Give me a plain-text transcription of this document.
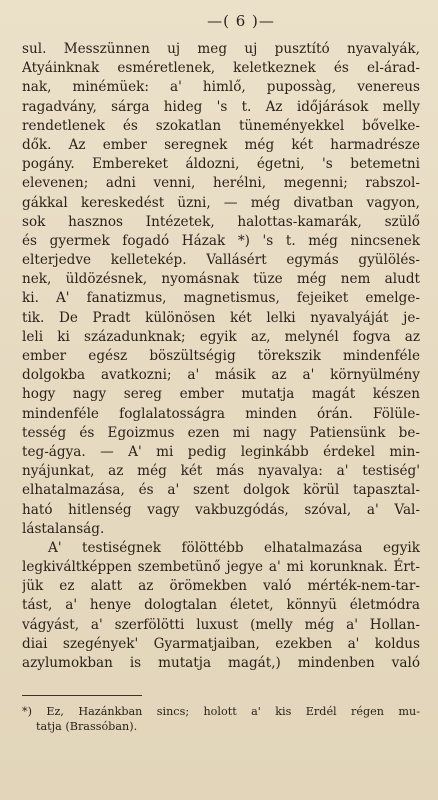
—( 6 )—
sul. Messzünnen uj meg uj pusztító nyavalyák,
Atyáinknak esméretlenek, keletkeznek és el-árad-
nak, minémüek: a' himlő, pupossàg, venereus
ragadvány, sárga hideg 's t. Az időjárások melly
rendetlenek és szokatlan tüneményekkel bővelke-
dők. Az ember seregnek még két harmadrésze
pogány. Embereket áldozni, égetni, 's betemetni
elevenen; adni venni, herélni, megenni; rabszol-
gákkal kereskedést üzni, — még divatban vagyon,
sok hasznos Intézetek, halottas-kamarák, szülő
és gyermek fogadó Házak *) 's t. még nincsenek
elterjedve kelletekép. Vallásért egymás gyülölés-
nek, üldözésnek, nyomásnak tüze még nem aludt
ki. A' fanatizmus, magnetismus, fejeiket emelge-
tik. De Pradt különösen két lelki nyavalyáját je-
leli ki századunknak; egyik az, melynél fogva az
ember egész böszültségig törekszik mindenféle
dolgokba avatkozni; a' másik az a' környülmény
hogy nagy sereg ember mutatja magát készen
mindenféle foglalatosságra minden órán. Fölüle-
tesség és Egoizmus ezen mi nagy Patiensünk be-
teg-ágya. — A' mi pedig leginkább érdekel min-
nyájunkat, az még két más nyavalya: a' testiség'
elhatalmazása, és a' szent dolgok körül tapasztal-
ható hitlenség vagy vakbuzgódás, szóval, a' Val-
lástalanság.
A' testiségnek fölöttébb elhatalmazása egyik
legkiváltképpen szembetünő jegye a' mi korunknak. Ért-
jük ez alatt az örömekben való mérték-nem-tar-
tást, a' henye dologtalan életet, könnyü életmódra
vágyást, a' szerfölötti luxust (melly még a' Hollan-
diai szegények' Gyarmatjaiban, ezekben a' koldus
azylumokban is mutatja magát,) mindenben való
*) Ez, Hazánkban sincs; holott a' kis Erdél régen mu-
tatja (Brassóban).
